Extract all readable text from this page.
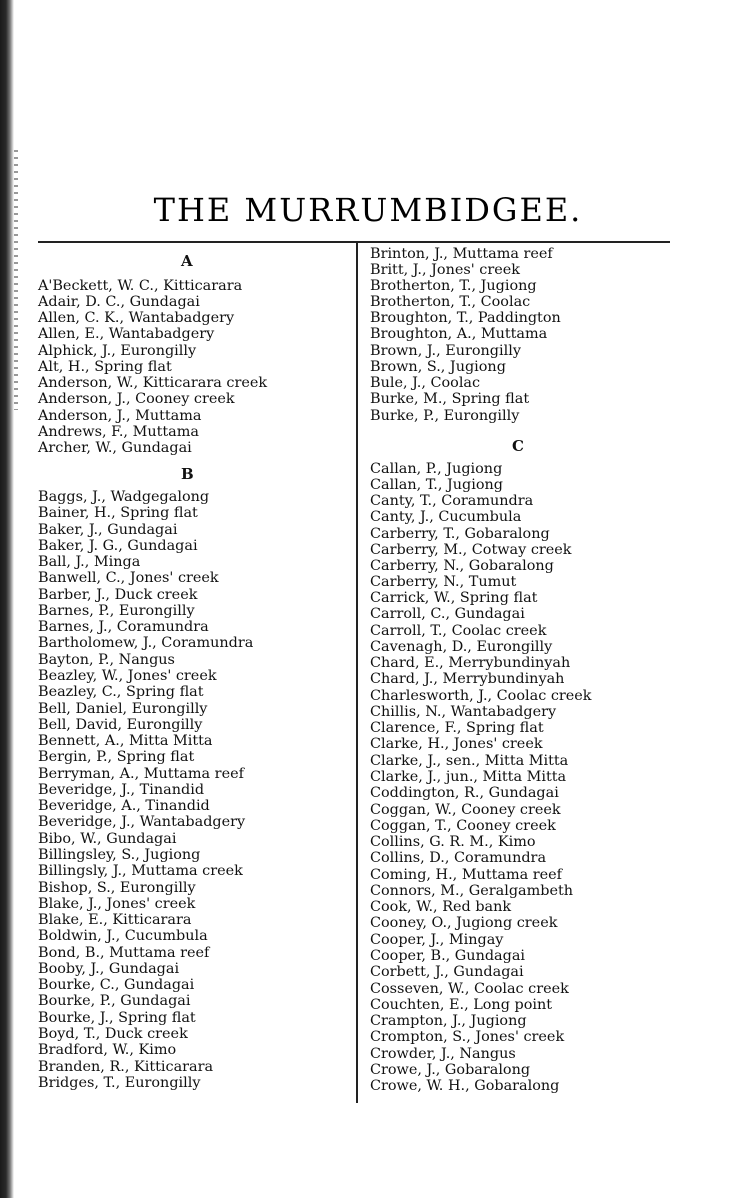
THE MURRUMBIDGEE.
A
A'Beckett, W. C., Kitticarara
Adair, D. C., Gundagai
Allen, C. K., Wantabadgery
Allen, E., Wantabadgery
Alphick, J., Eurongilly
Alt, H., Spring flat
Anderson, W., Kitticarara creek
Anderson, J., Cooney creek
Anderson, J., Muttama
Andrews, F., Muttama
Archer, W., Gundagai
B
Baggs, J., Wadgegalong
Bainer, H., Spring flat
Baker, J., Gundagai
Baker, J. G., Gundagai
Ball, J., Minga
Banwell, C., Jones' creek
Barber, J., Duck creek
Barnes, P., Eurongilly
Barnes, J., Coramundra
Bartholomew, J., Coramundra
Bayton, P., Nangus
Beazley, W., Jones' creek
Beazley, C., Spring flat
Bell, Daniel, Eurongilly
Bell, David, Eurongilly
Bennett, A., Mitta Mitta
Bergin, P., Spring flat
Berryman, A., Muttama reef
Beveridge, J., Tinandid
Beveridge, A., Tinandid
Beveridge, J., Wantabadgery
Bibo, W., Gundagai
Billingsley, S., Jugiong
Billingsly, J., Muttama creek
Bishop, S., Eurongilly
Blake, J., Jones' creek
Blake, E., Kitticarara
Boldwin, J., Cucumbula
Bond, B., Muttama reef
Booby, J., Gundagai
Bourke, C., Gundagai
Bourke, P., Gundagai
Bourke, J., Spring flat
Boyd, T., Duck creek
Bradford, W., Kimo
Branden, R., Kitticarara
Bridges, T., Eurongilly
Brinton, J., Muttama reef
Britt, J., Jones' creek
Brotherton, T., Jugiong
Brotherton, T., Coolac
Broughton, T., Paddington
Broughton, A., Muttama
Brown, J., Eurongilly
Brown, S., Jugiong
Bule, J., Coolac
Burke, M., Spring flat
Burke, P., Eurongilly
C
Callan, P., Jugiong
Callan, T., Jugiong
Canty, T., Coramundra
Canty, J., Cucumbula
Carberry, T., Gobaralong
Carberry, M., Cotway creek
Carberry, N., Gobaralong
Carberry, N., Tumut
Carrick, W., Spring flat
Carroll, C., Gundagai
Carroll, T., Coolac creek
Cavenagh, D., Eurongilly
Chard, E., Merrybundinyah
Chard, J., Merrybundinyah
Charlesworth, J., Coolac creek
Chillis, N., Wantabadgery
Clarence, F., Spring flat
Clarke, H., Jones' creek
Clarke, J., sen., Mitta Mitta
Clarke, J., jun., Mitta Mitta
Coddington, R., Gundagai
Coggan, W., Cooney creek
Coggan, T., Cooney creek
Collins, G. R. M., Kimo
Collins, D., Coramundra
Coming, H., Muttama reef
Connors, M., Geralgambeth
Cook, W., Red bank
Cooney, O., Jugiong creek
Cooper, J., Mingay
Cooper, B., Gundagai
Corbett, J., Gundagai
Cosseven, W., Coolac creek
Couchten, E., Long point
Crampton, J., Jugiong
Crompton, S., Jones' creek
Crowder, J., Nangus
Crowe, J., Gobaralong
Crowe, W. H., Gobaralong
